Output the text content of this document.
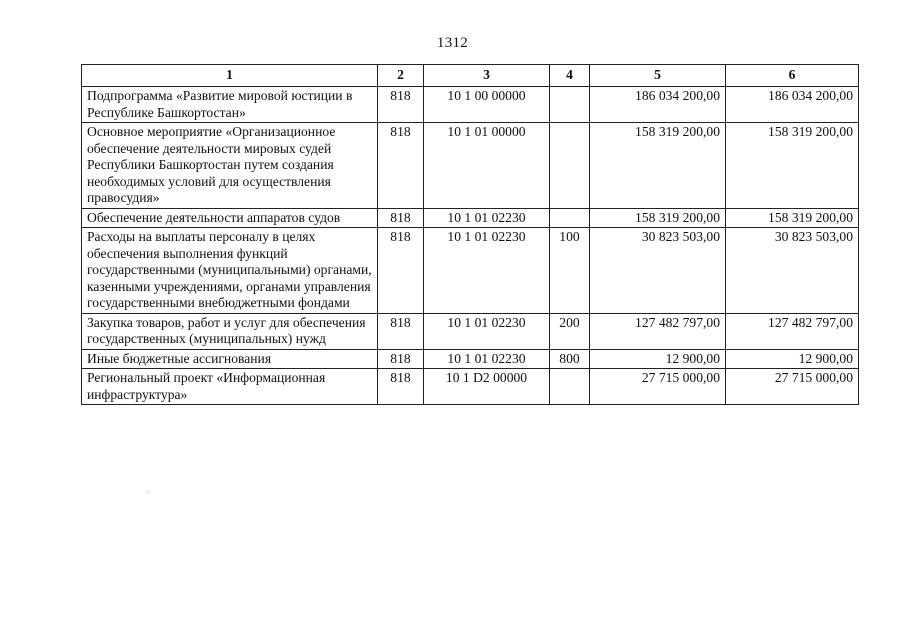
1312
1	2	3	4	5	6
Подпрограмма «Развитие мировой юстиции в Республике Башкортостан»	818	10 1 00 00000		186 034 200,00	186 034 200,00
Основное мероприятие «Организационное обеспечение деятельности мировых судей Республики Башкортостан путем создания необходимых условий для осуществления правосудия»	818	10 1 01 00000		158 319 200,00	158 319 200,00
Обеспечение деятельности аппаратов судов	818	10 1 01 02230		158 319 200,00	158 319 200,00
Расходы на выплаты персоналу в целях обеспечения выполнения функций государственными (муниципальными) органами, казенными учреждениями, органами управления государственными внебюджетными фондами	818	10 1 01 02230	100	30 823 503,00	30 823 503,00
Закупка товаров, работ и услуг для обеспечения государственных (муниципальных) нужд	818	10 1 01 02230	200	127 482 797,00	127 482 797,00
Иные бюджетные ассигнования	818	10 1 01 02230	800	12 900,00	12 900,00
Региональный проект «Информационная инфраструктура»	818	10 1 D2 00000		27 715 000,00	27 715 000,00
